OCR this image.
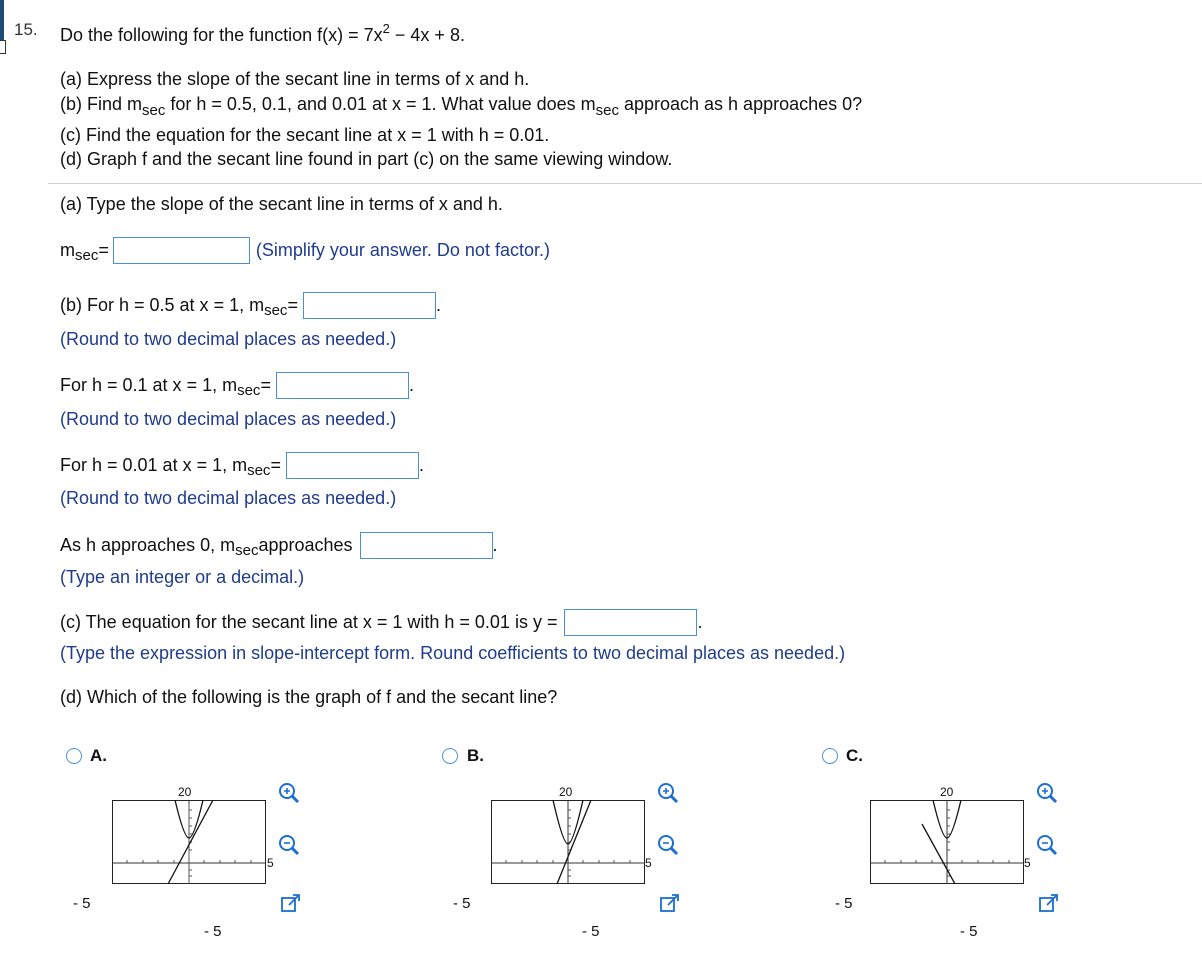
15. Do the following for the function $f(x) = 7x^2 - 4x + 8$.
(a) Express the slope of the secant line in terms of x and h.
(b) Find $m_{sec}$ for h = 0.5, 0.1, and 0.01 at x = 1. What value does $m_{sec}$ approach as h approaches 0?
(c) Find the equation for the secant line at x = 1 with h = 0.01.
(d) Graph f and the secant line found in part (c) on the same viewing window.
(a) Type the slope of the secant line in terms of x and h.
m sec =	(Simplify your answer. Do not factor.)
(b) For h = 0.5 at x = 1, m sec =	.
(Round to two decimal places as needed.)
For h = 0.1 at x = 1, m sec =	.
(Round to two decimal places as needed.)
For h = 0.01 at x = 1, m sec =	.
(Round to two decimal places as needed.)
As h approaches 0, m sec approaches	.
(Type an integer or a decimal.)
(c) The equation for the secant line at x = 1 with h = 0.01 is y =	.
(Type the expression in slope-intercept form. Round coefficients to two decimal places as needed.)
(d) Which of the following is the graph of f and the secant line?
A.	B.	C.
20
5
- 5
- 5
20
5
- 5
- 5
20
5
- 5
- 5
